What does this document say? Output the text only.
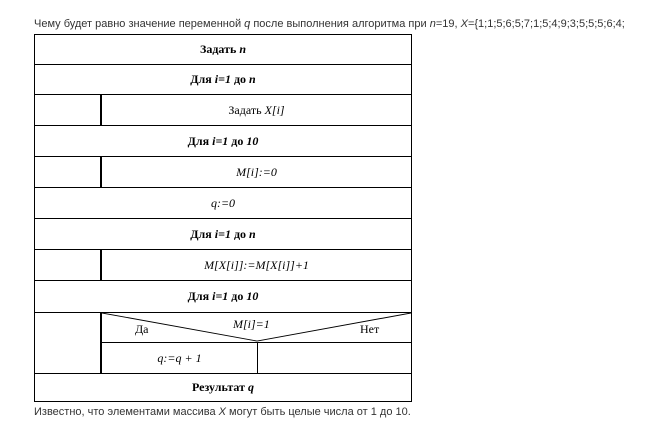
Чему будет равно значение переменной q после выполнения алгоритма при n=19, X={1;1;5;6;5;7;1;5;4;9;3;5;5;5;6;4;
Задать
n
Для
i=1
до
n
Задать
X[i]
Для
i=1
до
10
M[i]:=0
q:=0
Для
i=1
до
n
M[X[i]]:=M[X[i]]+1
Для
i=1
до
10
Да	M[i]=1	Нет
q:=q + 1
Результат
q
Известно, что элементами массива X могут быть целые числа от 1 до 10.
